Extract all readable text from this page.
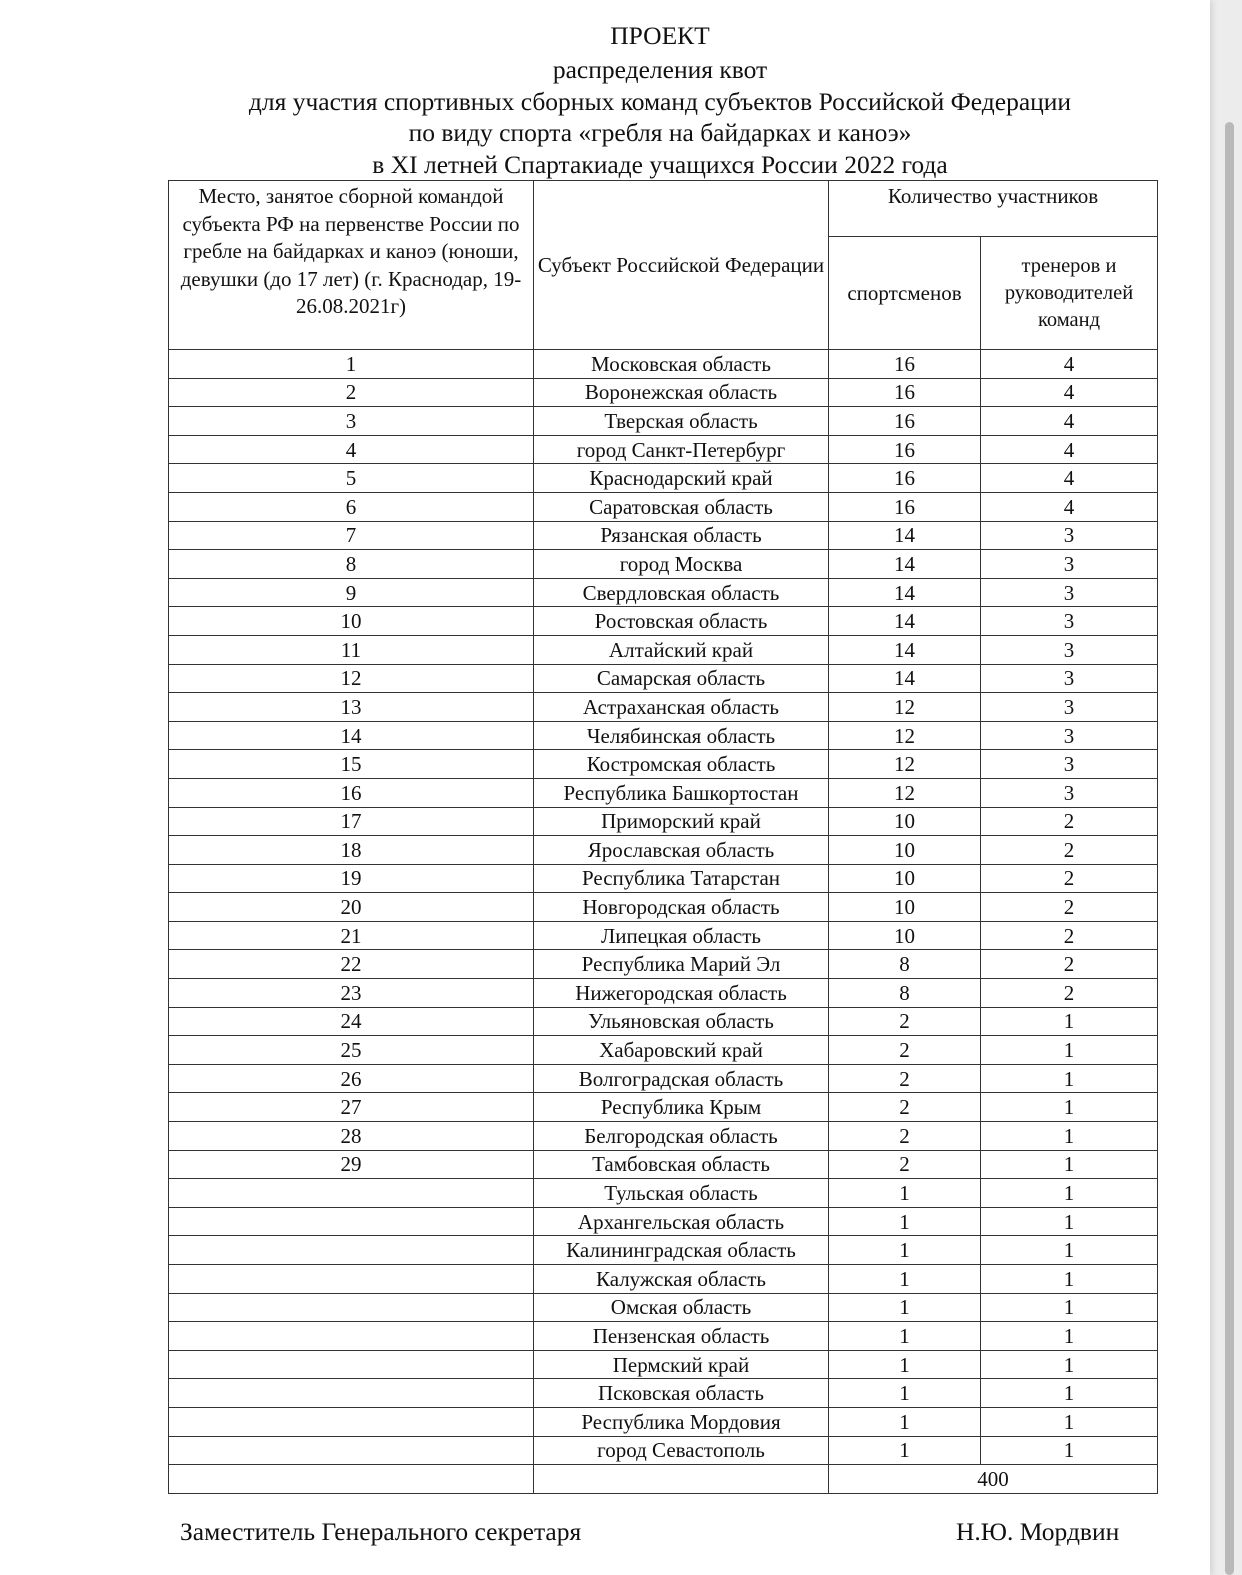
ПРОЕКТ
распределения квот
для участия спортивных сборных команд субъектов Российской Федерации
по виду спорта «гребля на байдарках и каноэ»
в XI летней Спартакиаде учащихся России 2022 года
Место, занятое сборной командой субъекта РФ на первенстве России по гребле на байдарках и каноэ (юноши, девушки (до 17 лет) (г. Краснодар, 19-26.08.2021г)	Субъект Российской Федерации	Количество участников	
		спортсменов	тренеров и руководителей команд
1	Московская область	16	4
2	Воронежская область	16	4
3	Тверская область	16	4
4	город Санкт-Петербург	16	4
5	Краснодарский край	16	4
6	Саратовская область	16	4
7	Рязанская область	14	3
8	город Москва	14	3
9	Свердловская область	14	3
10	Ростовская область	14	3
11	Алтайский край	14	3
12	Самарская область	14	3
13	Астраханская область	12	3
14	Челябинская область	12	3
15	Костромская область	12	3
16	Республика Башкортостан	12	3
17	Приморский край	10	2
18	Ярославская область	10	2
19	Республика Татарстан	10	2
20	Новгородская область	10	2
21	Липецкая область	10	2
22	Республика Марий Эл	8	2
23	Нижегородская область	8	2
24	Ульяновская область	2	1
25	Хабаровский край	2	1
26	Волгоградская область	2	1
27	Республика Крым	2	1
28	Белгородская область	2	1
29	Тамбовская область	2	1
	Тульская область	1	1
	Архангельская область	1	1
	Калининградская область	1	1
	Калужская область	1	1
	Омская область	1	1
	Пензенская область	1	1
	Пермский край	1	1
	Псковская область	1	1
	Республика Мордовия	1	1
	город Севастополь	1	1
		400	
Заместитель Генерального секретаря	Н.Ю. Мордвин
